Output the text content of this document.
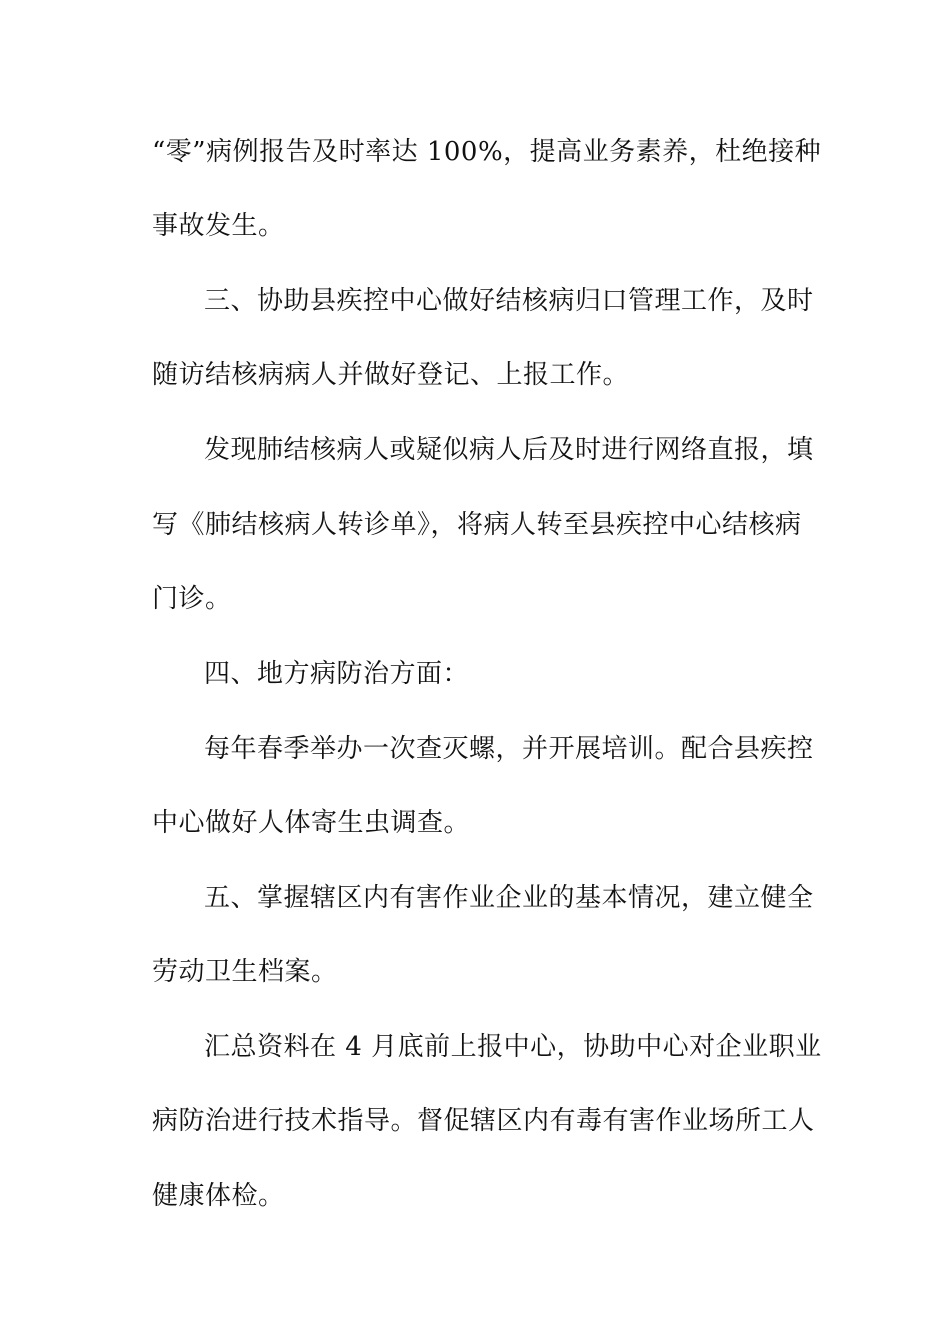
“零”病例报告及时率达 100%，提高业务素养，杜绝接种
事故发生。
三、协助县疾控中心做好结核病归口管理工作，及时
随访结核病病人并做好登记、上报工作。
发现肺结核病人或疑似病人后及时进行网络直报，填
写《肺结核病人转诊单》，将病人转至县疾控中心结核病
门诊。
四、地方病防治方面：
每年春季举办一次查灭螺，并开展培训。配合县疾控
中心做好人体寄生虫调查。
五、掌握辖区内有害作业企业的基本情况，建立健全
劳动卫生档案。
汇总资料在 4 月底前上报中心，协助中心对企业职业
病防治进行技术指导。督促辖区内有毒有害作业场所工人
健康体检。
